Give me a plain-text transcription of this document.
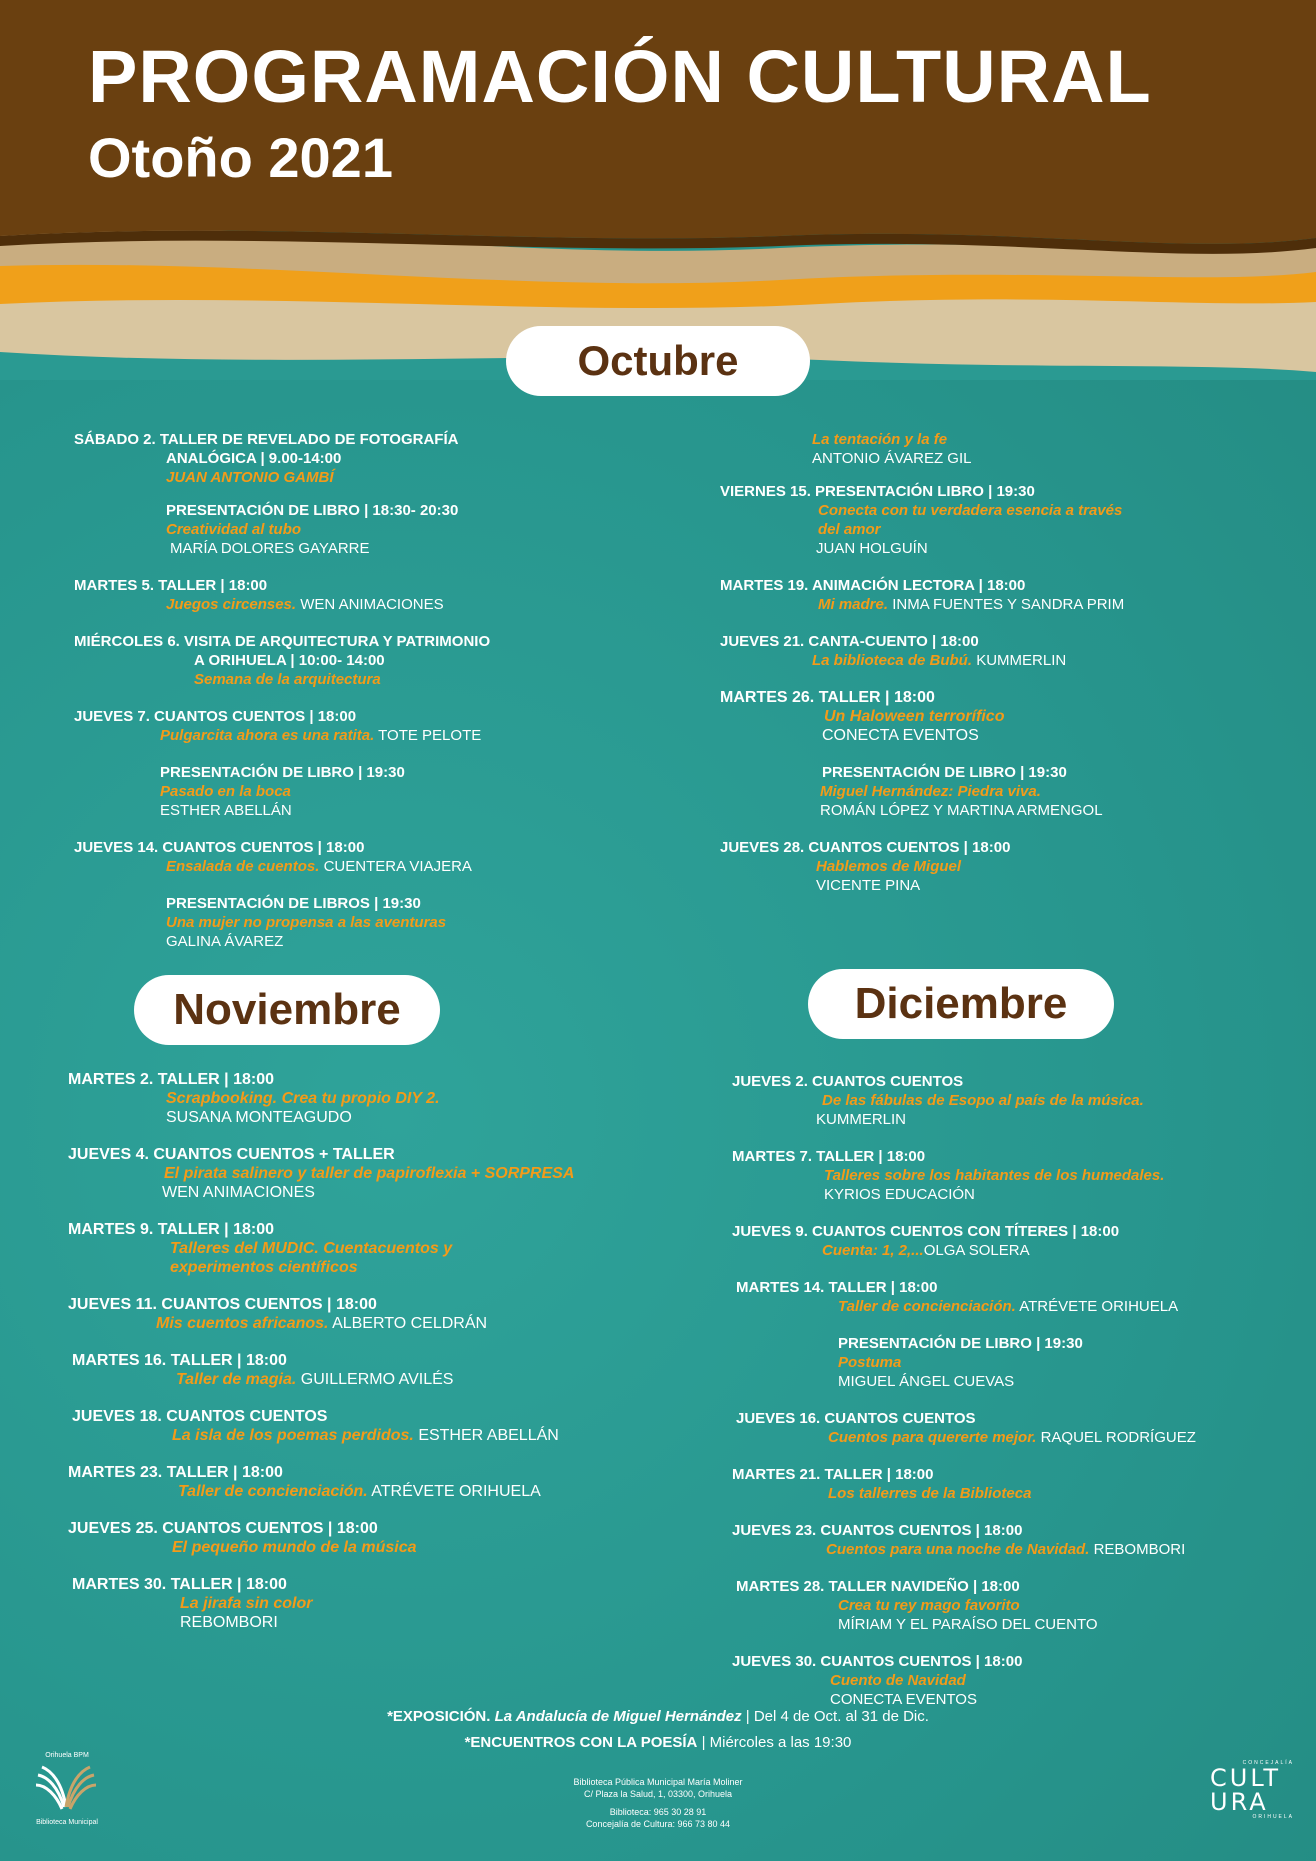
PROGRAMACIÓN CULTURAL
Otoño 2021
Octubre
SÁBADO 2. TALLER DE REVELADO DE FOTOGRAFÍA
ANALÓGICA | 9.00-14:00
JUAN ANTONIO GAMBÍ
PRESENTACIÓN DE LIBRO | 18:30- 20:30
Creatividad al tubo
MARÍA DOLORES GAYARRE
MARTES 5. TALLER | 18:00
Juegos circenses. WEN ANIMACIONES
MIÉRCOLES 6. VISITA DE ARQUITECTURA Y PATRIMONIO
A ORIHUELA | 10:00- 14:00
Semana de la arquitectura
JUEVES 7. CUANTOS CUENTOS | 18:00
Pulgarcita ahora es una ratita. TOTE PELOTE
PRESENTACIÓN DE LIBRO | 19:30
Pasado en la boca
ESTHER ABELLÁN
JUEVES 14. CUANTOS CUENTOS | 18:00
Ensalada de cuentos. CUENTERA VIAJERA
PRESENTACIÓN DE LIBROS | 19:30
Una mujer no propensa a las aventuras
GALINA ÁVAREZ
La tentación y la fe
ANTONIO ÁVAREZ GIL
VIERNES 15. PRESENTACIÓN LIBRO | 19:30
Conecta con tu verdadera esencia a través
del amor
JUAN HOLGUÍN
MARTES 19. ANIMACIÓN LECTORA | 18:00
Mi madre. INMA FUENTES Y SANDRA PRIM
JUEVES 21. CANTA-CUENTO | 18:00
La biblioteca de Bubú. KUMMERLIN
MARTES 26. TALLER | 18:00
Un Haloween terrorífico
CONECTA EVENTOS
PRESENTACIÓN DE LIBRO | 19:30
Miguel Hernández: Piedra viva.
ROMÁN LÓPEZ Y MARTINA ARMENGOL
JUEVES 28. CUANTOS CUENTOS | 18:00
Hablemos de Miguel
VICENTE PINA
Noviembre	Diciembre
MARTES 2. TALLER | 18:00
Scrapbooking. Crea tu propio DIY 2.
SUSANA MONTEAGUDO
JUEVES 4. CUANTOS CUENTOS + TALLER
El pirata salinero y taller de papiroflexia + SORPRESA
WEN ANIMACIONES
MARTES 9. TALLER | 18:00
Talleres del MUDIC. Cuentacuentos y
experimentos científicos
JUEVES 11. CUANTOS CUENTOS | 18:00
Mis cuentos africanos. ALBERTO CELDRÁN
MARTES 16. TALLER | 18:00
Taller de magia. GUILLERMO AVILÉS
JUEVES 18. CUANTOS CUENTOS
La isla de los poemas perdidos. ESTHER ABELLÁN
MARTES 23. TALLER | 18:00
Taller de concienciación. ATRÉVETE ORIHUELA
JUEVES 25. CUANTOS CUENTOS | 18:00
El pequeño mundo de la música
MARTES 30. TALLER | 18:00
La jirafa sin color
REBOMBORI
JUEVES 2. CUANTOS CUENTOS
De las fábulas de Esopo al país de la música.
KUMMERLIN
MARTES 7. TALLER | 18:00
Talleres sobre los habitantes de los humedales.
KYRIOS EDUCACIÓN
JUEVES 9. CUANTOS CUENTOS CON TÍTERES | 18:00
Cuenta: 1, 2,...OLGA SOLERA
MARTES 14. TALLER | 18:00
Taller de concienciación. ATRÉVETE ORIHUELA
PRESENTACIÓN DE LIBRO | 19:30
Postuma
MIGUEL ÁNGEL CUEVAS
JUEVES 16. CUANTOS CUENTOS
Cuentos para quererte mejor. RAQUEL RODRÍGUEZ
MARTES 21. TALLER | 18:00
Los tallerres de la Biblioteca
JUEVES 23. CUANTOS CUENTOS | 18:00
Cuentos para una noche de Navidad. REBOMBORI
MARTES 28. TALLER NAVIDEÑO | 18:00
Crea tu rey mago favorito
MÍRIAM Y EL PARAÍSO DEL CUENTO
JUEVES 30. CUANTOS CUENTOS | 18:00
Cuento de Navidad
CONECTA EVENTOS
*EXPOSICIÓN. La Andalucía de Miguel Hernández | Del 4 de Oct. al 31 de Dic.
*ENCUENTROS CON LA POESÍA | Miércoles a las 19:30
Biblioteca Pública Municipal María Moliner
C/ Plaza la Salud, 1, 03300, Orihuela
Biblioteca: 965 30 28 91
Concejalía de Cultura: 966 73 80 44
Orihuela BPM
Biblioteca Municipal
CONCEJALÍA
CULT
URA
ORIHUELA
